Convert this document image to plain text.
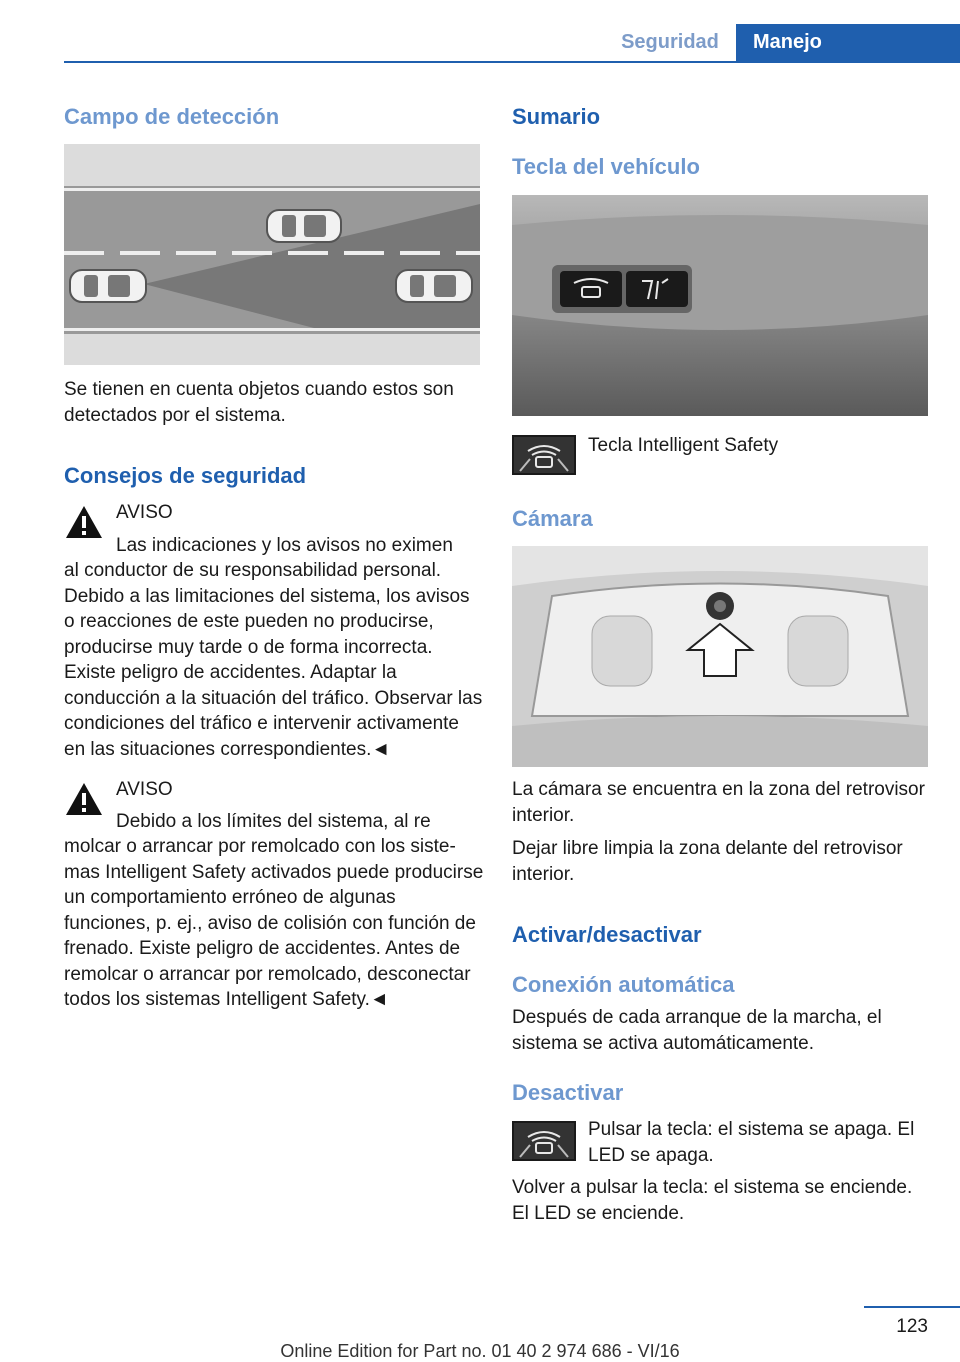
Seguridad	Manejo
Campo de detección
Se tienen en cuenta objetos cuando estos son detectados por el sistema.
Consejos de seguridad
AVISO
Las indicaciones y los avisos no eximen
al conductor de su responsabilidad personal. Debido a las limitaciones del sistema, los avisos o reacciones de este pueden no producirse, producirse muy tarde o de forma incorrecta. Existe peligro de accidentes. Adaptar la conducción a la situación del tráfico. Observar las condiciones del tráfico e intervenir activamente en las situaciones correspondientes.◄
AVISO
Debido a los límites del sistema, al re
molcar o arrancar por remolcado con los sistemas Intelligent Safety activados puede producirse un comportamiento erróneo de algunas funciones, p. ej., aviso de colisión con función de frenado. Existe peligro de accidentes. Antes de remolcar o arrancar por remolcado, desconectar todos los sistemas Intelligent Safety.◄
Sumario
Tecla del vehículo
Tecla Intelligent Safety
Cámara
La cámara se encuentra en la zona del retrovisor interior.
Dejar libre limpia la zona delante del retrovisor interior.
Activar/desactivar
Conexión automática
Después de cada arranque de la marcha, el sistema se activa automáticamente.
Desactivar
Pulsar la tecla: el sistema se apaga. El LED se apaga.
Volver a pulsar la tecla: el sistema se enciende. El LED se enciende.
123
Online Edition for Part no. 01 40 2 974 686 - VI/16
